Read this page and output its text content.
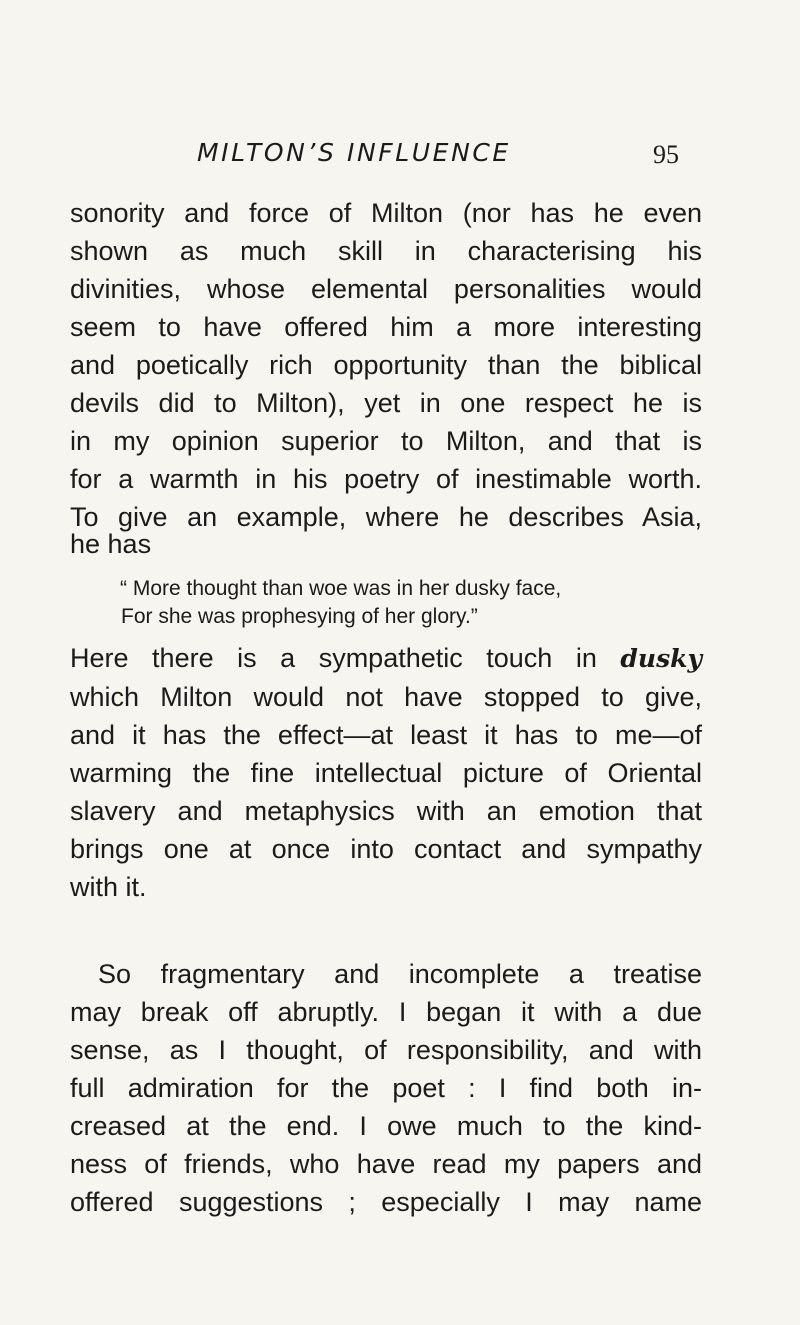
MILTON’S INFLUENCE	95
sonority and force of Milton (nor has he even
shown as much skill in characterising his
divinities, whose elemental personalities would
seem to have offered him a more interesting
and poetically rich opportunity than the biblical
devils did to Milton), yet in one respect he is
in my opinion superior to Milton, and that is
for a warmth in his poetry of inestimable worth.
To give an example, where he describes Asia,
he has
“ More thought than woe was in her dusky face,
For she was prophesying of her glory.”
Here there is a sympathetic touch in dusky
which Milton would not have stopped to give,
and it has the effect—at least it has to me—of
warming the fine intellectual picture of Oriental
slavery and metaphysics with an emotion that
brings one at once into contact and sympathy
with it.
So fragmentary and incomplete a treatise
may break off abruptly. I began it with a due
sense, as I thought, of responsibility, and with
full admiration for the poet : I find both in-
creased at the end. I owe much to the kind-
ness of friends, who have read my papers and
offered suggestions ; especially I may name
